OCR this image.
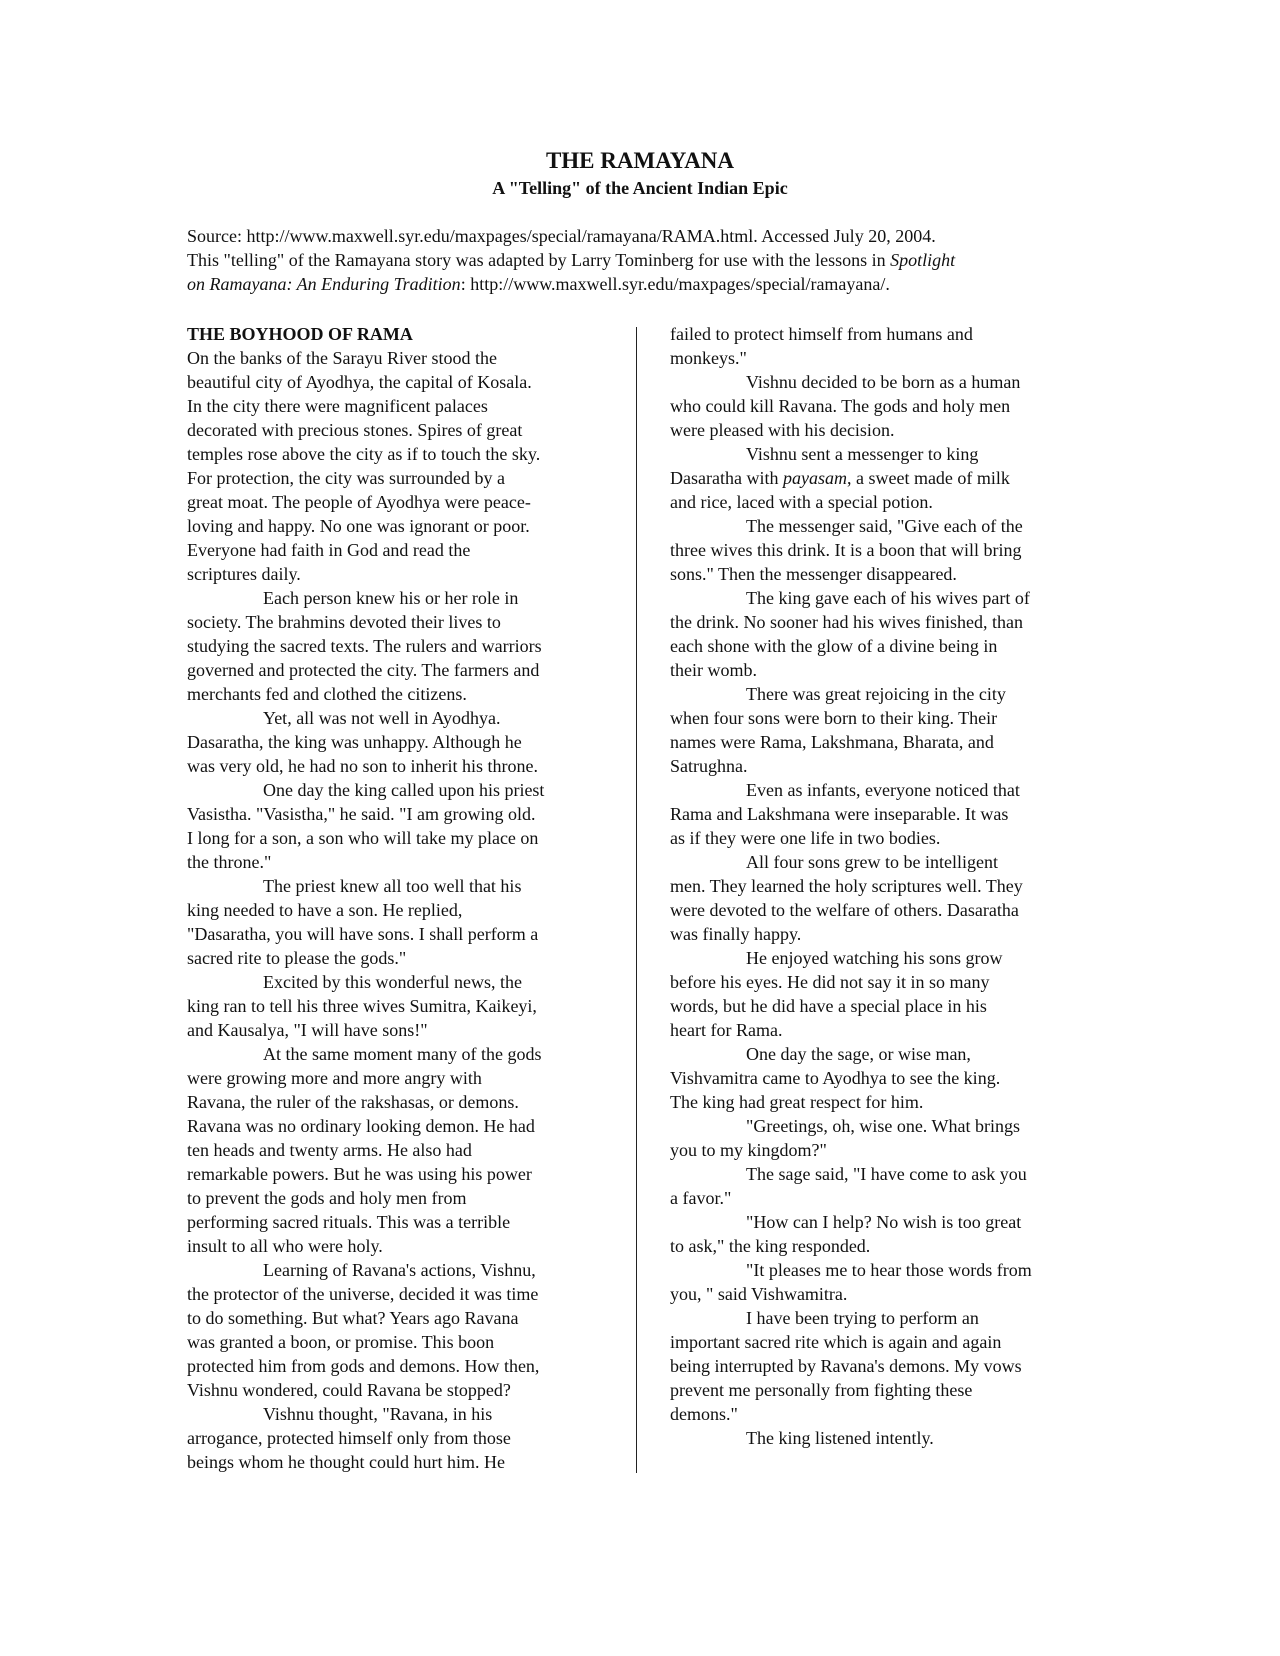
THE RAMAYANA
A "Telling" of the Ancient Indian Epic
Source: http://www.maxwell.syr.edu/maxpages/special/ramayana/RAMA.html. Accessed July 20, 2004.
This "telling" of the Ramayana story was adapted by Larry Tominberg for use with the lessons in Spotlight
on Ramayana: An Enduring Tradition: http://www.maxwell.syr.edu/maxpages/special/ramayana/.
THE BOYHOOD OF RAMA
On the banks of the Sarayu River stood the
beautiful city of Ayodhya, the capital of Kosala.
In the city there were magnificent palaces
decorated with precious stones. Spires of great
temples rose above the city as if to touch the sky.
For protection, the city was surrounded by a
great moat. The people of Ayodhya were peace-
loving and happy. No one was ignorant or poor.
Everyone had faith in God and read the
scriptures daily.
Each person knew his or her role in
society. The brahmins devoted their lives to
studying the sacred texts. The rulers and warriors
governed and protected the city. The farmers and
merchants fed and clothed the citizens.
Yet, all was not well in Ayodhya.
Dasaratha, the king was unhappy. Although he
was very old, he had no son to inherit his throne.
One day the king called upon his priest
Vasistha. "Vasistha," he said. "I am growing old.
I long for a son, a son who will take my place on
the throne."
The priest knew all too well that his
king needed to have a son. He replied,
"Dasaratha, you will have sons. I shall perform a
sacred rite to please the gods."
Excited by this wonderful news, the
king ran to tell his three wives Sumitra, Kaikeyi,
and Kausalya, "I will have sons!"
At the same moment many of the gods
were growing more and more angry with
Ravana, the ruler of the rakshasas, or demons.
Ravana was no ordinary looking demon. He had
ten heads and twenty arms. He also had
remarkable powers. But he was using his power
to prevent the gods and holy men from
performing sacred rituals. This was a terrible
insult to all who were holy.
Learning of Ravana's actions, Vishnu,
the protector of the universe, decided it was time
to do something. But what? Years ago Ravana
was granted a boon, or promise. This boon
protected him from gods and demons. How then,
Vishnu wondered, could Ravana be stopped?
Vishnu thought, "Ravana, in his
arrogance, protected himself only from those
beings whom he thought could hurt him. He
failed to protect himself from humans and
monkeys."
Vishnu decided to be born as a human
who could kill Ravana. The gods and holy men
were pleased with his decision.
Vishnu sent a messenger to king
Dasaratha with payasam, a sweet made of milk
and rice, laced with a special potion.
The messenger said, "Give each of the
three wives this drink. It is a boon that will bring
sons." Then the messenger disappeared.
The king gave each of his wives part of
the drink. No sooner had his wives finished, than
each shone with the glow of a divine being in
their womb.
There was great rejoicing in the city
when four sons were born to their king. Their
names were Rama, Lakshmana, Bharata, and
Satrughna.
Even as infants, everyone noticed that
Rama and Lakshmana were inseparable. It was
as if they were one life in two bodies.
All four sons grew to be intelligent
men. They learned the holy scriptures well. They
were devoted to the welfare of others. Dasaratha
was finally happy.
He enjoyed watching his sons grow
before his eyes. He did not say it in so many
words, but he did have a special place in his
heart for Rama.
One day the sage, or wise man,
Vishvamitra came to Ayodhya to see the king.
The king had great respect for him.
"Greetings, oh, wise one. What brings
you to my kingdom?"
The sage said, "I have come to ask you
a favor."
"How can I help? No wish is too great
to ask," the king responded.
"It pleases me to hear those words from
you, " said Vishwamitra.
I have been trying to perform an
important sacred rite which is again and again
being interrupted by Ravana's demons. My vows
prevent me personally from fighting these
demons."
The king listened intently.
